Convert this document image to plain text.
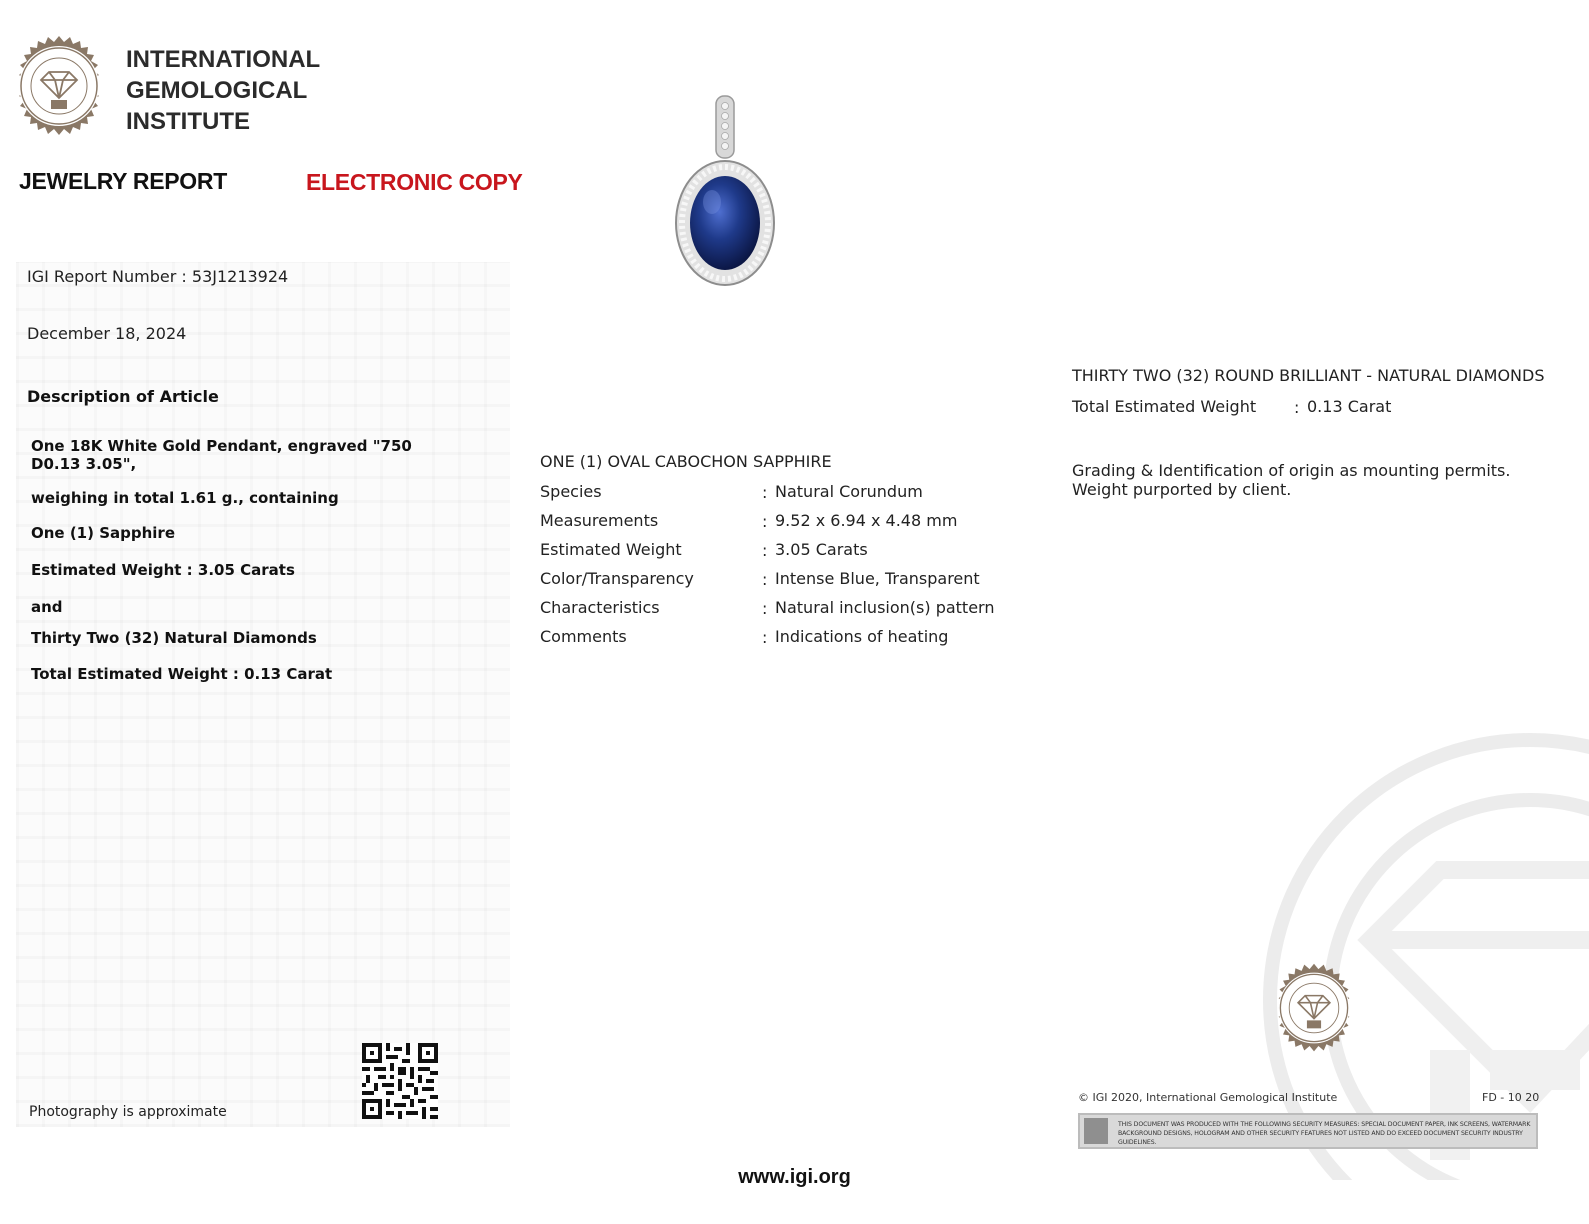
INTERNATIONAL
GEMOLOGICAL
INSTITUTE
JEWELRY REPORT	ELECTRONIC COPY
IGI Report Number : 53J1213924
December 18, 2024
Description of Article
One 18K White Gold Pendant, engraved "750 D0.13 3.05",
weighing in total 1.61 g., containing
One (1) Sapphire
Estimated Weight : 3.05 Carats
and
Thirty Two (32) Natural Diamonds
Total Estimated Weight : 0.13 Carat
ONE (1) OVAL CABOCHON SAPPHIRE
Species	: Natural Corundum
Measurements	: 9.52 x 6.94 x 4.48 mm
Estimated Weight	: 3.05 Carats
Color/Transparency	: Intense Blue, Transparent
Characteristics	: Natural inclusion(s) pattern
Comments	: Indications of heating
THIRTY TWO (32) ROUND BRILLIANT - NATURAL DIAMONDS
Total Estimated Weight : 0.13 Carat
Grading & Identification of origin as mounting permits.
Weight purported by client.
Photography is approximate
© IGI 2020, International Gemological Institute	FD - 10 20
THIS DOCUMENT WAS PRODUCED WITH THE FOLLOWING SECURITY MEASURES: SPECIAL DOCUMENT PAPER, INK SCREENS, WATERMARK BACKGROUND DESIGNS, HOLOGRAM AND OTHER SECURITY FEATURES NOT LISTED AND DO EXCEED DOCUMENT SECURITY INDUSTRY GUIDELINES.
www.igi.org
